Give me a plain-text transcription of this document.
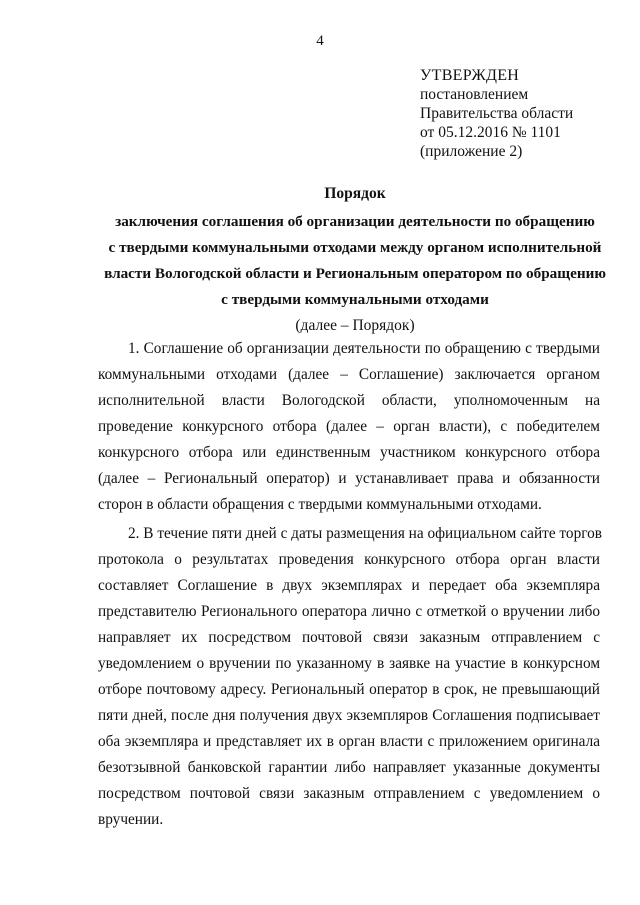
4
УТВЕРЖДЕН
постановлением
Правительства области
от 05.12.2016 № 1101
(приложение 2)
Порядок
заключения соглашения об организации деятельности по обращению
с твердыми коммунальными отходами между органом исполнительной
власти Вологодской области и Региональным оператором по обращению
с твердыми коммунальными отходами
(далее – Порядок)
1. Соглашение об организации деятельности по обращению с твердыми
коммунальными отходами (далее – Соглашение) заключается органом
исполнительной власти Вологодской области, уполномоченным на
проведение конкурсного отбора (далее – орган власти), с победителем
конкурсного отбора или единственным участником конкурсного отбора
(далее – Региональный оператор) и устанавливает права и обязанности
сторон в области обращения с твердыми коммунальными отходами.
2. В течение пяти дней с даты размещения на официальном сайте торгов
протокола о результатах проведения конкурсного отбора орган власти
составляет Соглашение в двух экземплярах и передает оба экземпляра
представителю Регионального оператора лично с отметкой о вручении либо
направляет их посредством почтовой связи заказным отправлением с
уведомлением о вручении по указанному в заявке на участие в конкурсном
отборе почтовому адресу. Региональный оператор в срок, не превышающий
пяти дней, после дня получения двух экземпляров Соглашения подписывает
оба экземпляра и представляет их в орган власти с приложением оригинала
безотзывной банковской гарантии либо направляет указанные документы
посредством почтовой связи заказным отправлением с уведомлением о
вручении.
